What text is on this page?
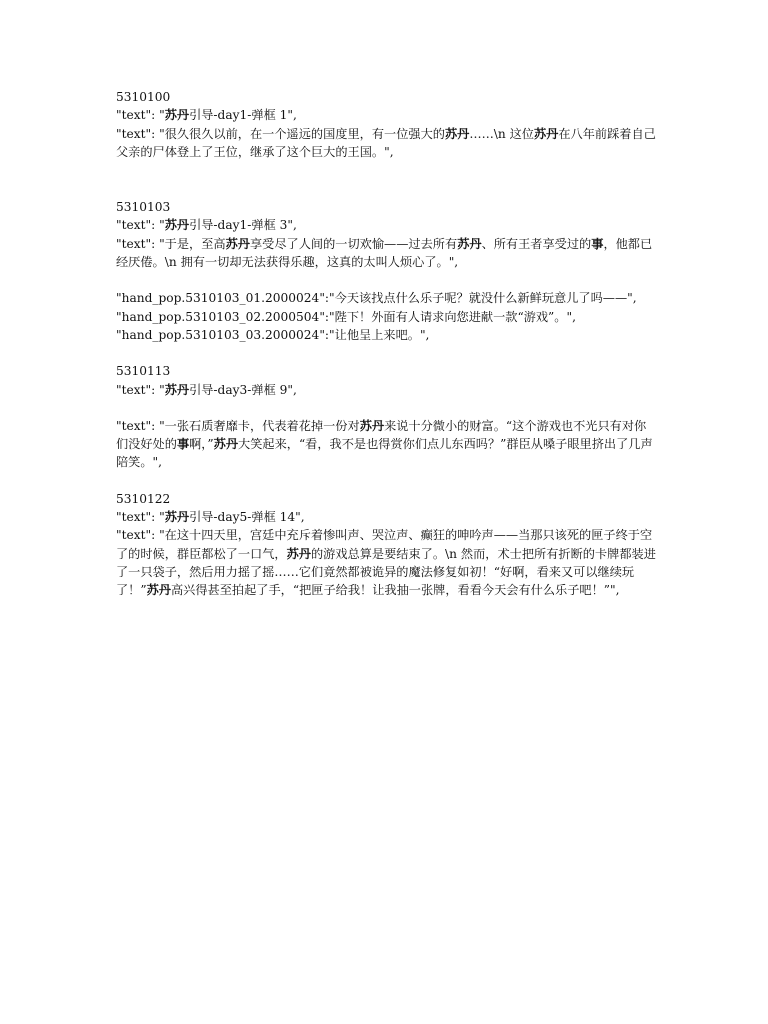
5310100

"text": "苏丹引导-day1-弹框 1",

"text": "很久很久以前，在一个遥远的国度里，有一位强大的苏丹……\n 这位苏丹在八年前踩着自己父亲的尸体登上了王位，继承了这个巨大的王国。",

5310103

"text": "苏丹引导-day1-弹框 3",

"text": "于是，至高苏丹享受尽了人间的一切欢愉——过去所有苏丹、所有王者享受过的事，他都已经厌倦。\n 拥有一切却无法获得乐趣，这真的太叫人烦心了。",

"hand_pop.5310103_01.2000024":"今天该找点什么乐子呢？就没什么新鲜玩意儿了吗——",

"hand_pop.5310103_02.2000504":"陛下！外面有人请求向您进献一款“游戏”。",

"hand_pop.5310103_03.2000024":"让他呈上来吧。",

5310113

"text": "苏丹引导-day3-弹框 9",

"text": "一张石质奢靡卡，代表着花掉一份对苏丹来说十分微小的财富。“这个游戏也不光只有对你们没好处的事啊，”苏丹大笑起来，“看，我不是也得赏你们点儿东西吗？”群臣从嗓子眼里挤出了几声陪笑。",

5310122

"text": "苏丹引导-day5-弹框 14",

"text": "在这十四天里，宫廷中充斥着惨叫声、哭泣声、癫狂的呻吟声——当那只该死的匣子终于空了的时候，群臣都松了一口气，苏丹的游戏总算是要结束了。\n 然而，术士把所有折断的卡牌都装进了一只袋子，然后用力摇了摇……它们竟然都被诡异的魔法修复如初！“好啊，看来又可以继续玩了！”苏丹高兴得甚至拍起了手，“把匣子给我！让我抽一张牌，看看今天会有什么乐子吧！”",
